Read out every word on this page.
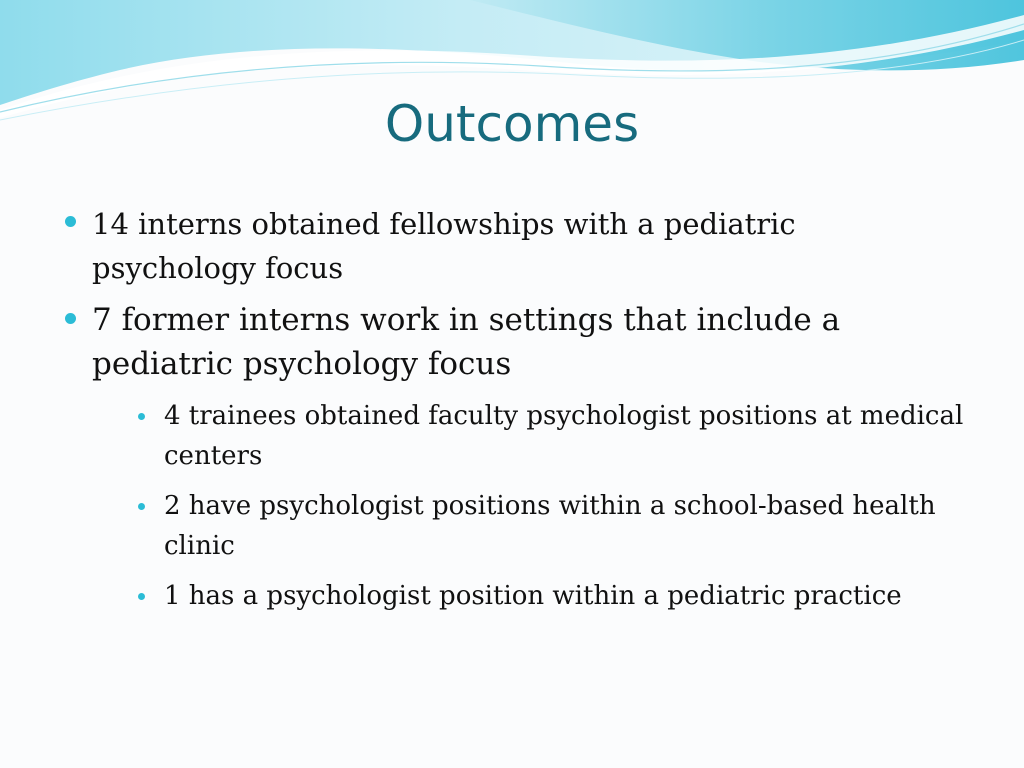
Outcomes
14 interns obtained fellowships with a pediatric psychology focus
7 former interns work in settings that include a pediatric psychology focus
4 trainees obtained faculty psychologist positions at medical centers
2 have psychologist positions within a school-based health clinic
1 has a psychologist position within a pediatric practice
